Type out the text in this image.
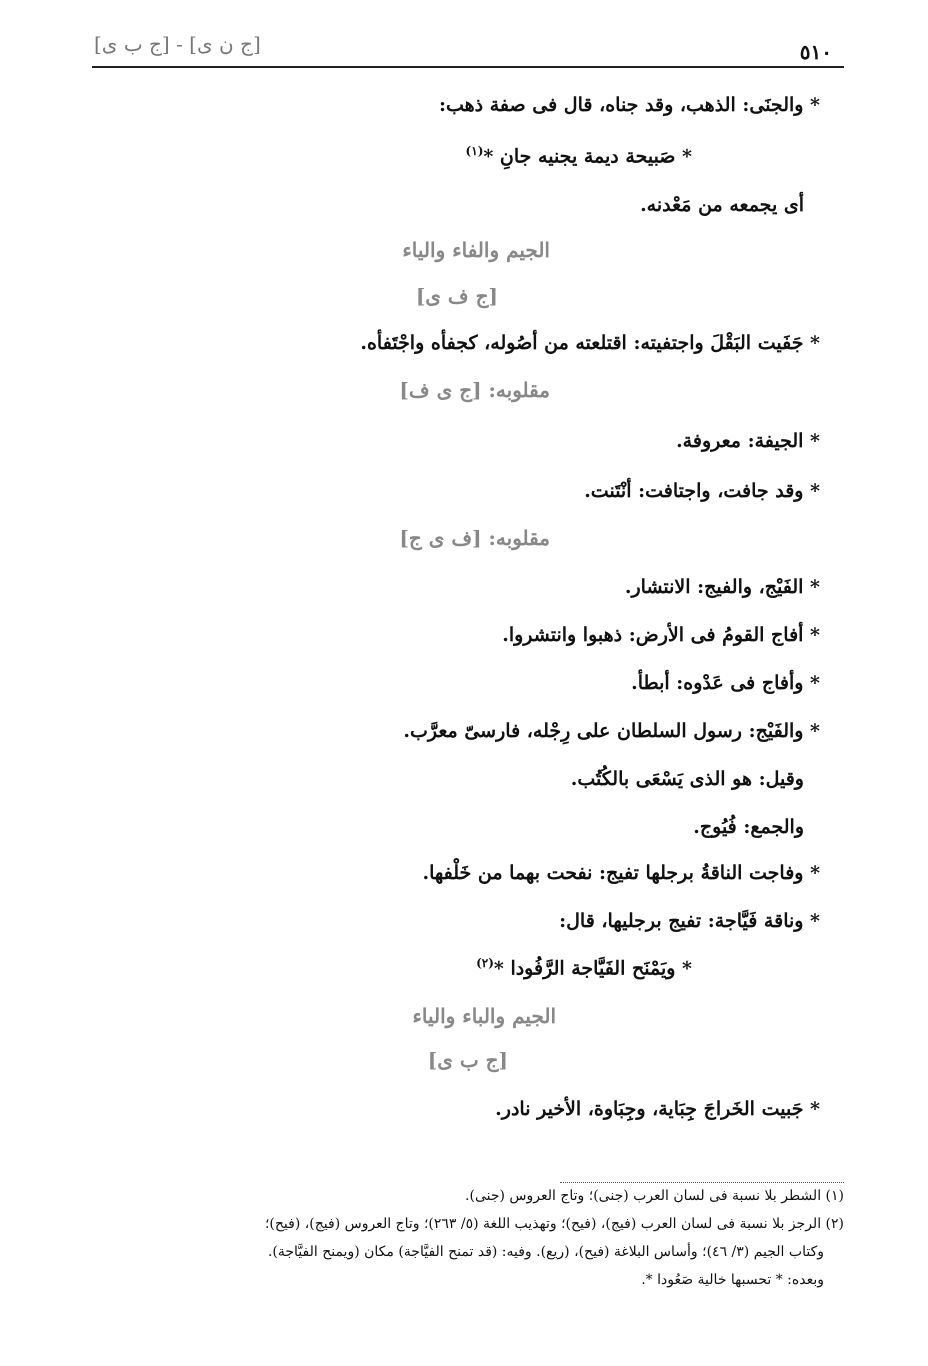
٥١٠
[ج ن ى] - [ج ب ى]
* والجنَى: الذهب، وقد جناه، قال فى صفة ذهب:
* صَبيحة ديمة يجنيه جانِ *$^{(١)}$
أى يجمعه من مَعْدنه.
الجيم والفاء والياء
[ج ف ى]
* جَفَيت البَقْلَ واجتفيته: اقتلعته من أصُوله، كجفأه واجْتَفأه.
مقلوبه: [ج ى ف]
* الجيفة: معروفة.
* وقد جافت، واجتافت: أنْتَنت.
مقلوبه: [ف ى ج]
* الفَيْج، والفيج: الانتشار.
* أفاج القومُ فى الأرض: ذهبوا وانتشروا.
* وأفاج فى عَدْوه: أبطأ.
* والفَيْج: رسول السلطان على رِجْله، فارسىّ معرَّب.
وقيل: هو الذى يَسْعَى بالكُتُب.
والجمع: فُيُوج.
* وفاجت الناقةُ برجلها تفيج: نفحت بهما من خَلْفها.
* وناقة فَيَّاجة: تفيج برجليها، قال:
* ويَمْنَح الفَيَّاجة الرَّفُودا *$^{(٢)}$
الجيم والباء والياء
[ج ب ى]
* جَبيت الخَراجَ جِبَاية، وجِبَاوة، الأخير نادر.
(١) الشطر بلا نسبة فى لسان العرب (جنى)؛ وتاج العروس (جنى).
(٢) الرجز بلا نسبة فى لسان العرب (فيج)، (فيح)؛ وتهذيب اللغة (٥/ ٢٦٣)؛ وتاج العروس (فيج)، (فيح)؛
وكتاب الجيم (٣/ ٤٦)؛ وأساس البلاغة (فيح)، (ريع). وفيه: (قد تمنح الفيَّاجة) مكان (ويمنح الفيَّاجة).
وبعده: * تحسبها خالية صَعُودا *.
